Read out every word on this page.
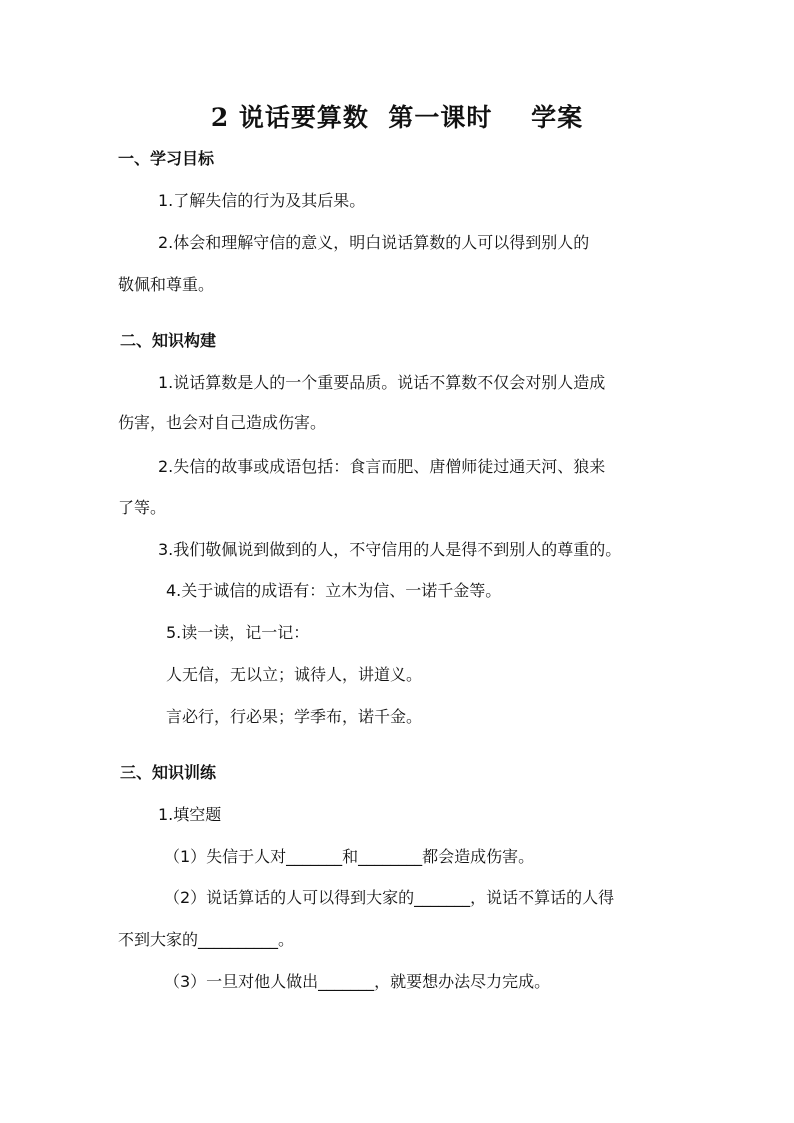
2 说话要算数  第一课时    学案
一、学习目标
1.了解失信的行为及其后果。
2.体会和理解守信的意义，明白说话算数的人可以得到别人的
敬佩和尊重。
二、知识构建
1.说话算数是人的一个重要品质。说话不算数不仅会对别人造成
伤害，也会对自己造成伤害。
2.失信的故事或成语包括：食言而肥、唐僧师徒过通天河、狼来
了等。
3.我们敬佩说到做到的人，不守信用的人是得不到别人的尊重的。
4.关于诚信的成语有：立木为信、一诺千金等。
5.读一读，记一记：
人无信，无以立；诚待人，讲道义。
言必行，行必果；学季布，诺千金。
三、知识训练
1.填空题
（1）失信于人对_______和________都会造成伤害。
（2）说话算话的人可以得到大家的_______，说话不算话的人得
不到大家的__________。
（3）一旦对他人做出_______，就要想办法尽力完成。
